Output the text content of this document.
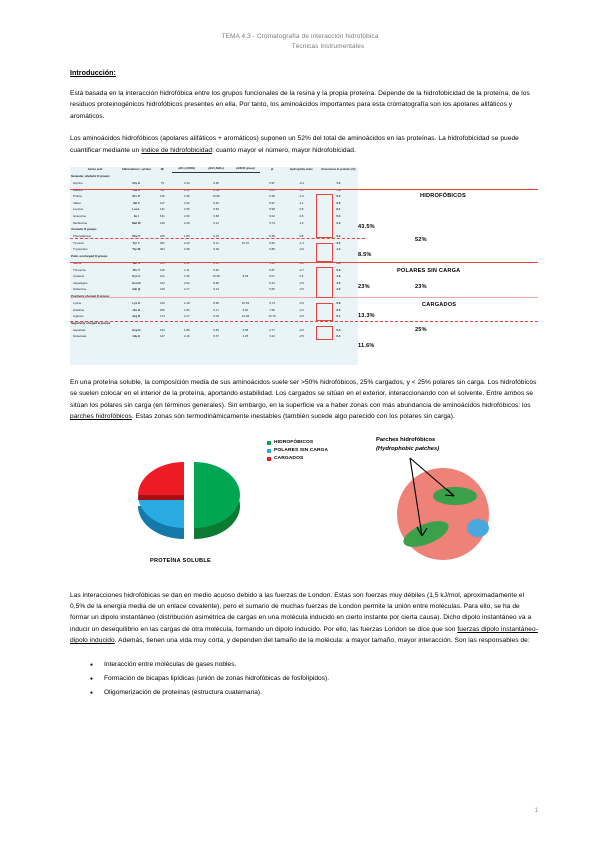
TEMA 4.3 - Cromatografía de interacción hidrofóbica
Técnicas Instrumentales
Introducción:

Está basada en la interacción hidrofóbica entre los grupos funcionales de la resina y la propia proteína. Depende de la hidrofobicidad de la proteína, de los residuos proteinogénicos hidrofóbicos presentes en ella. Por tanto, los aminoácidos importantes para esta cromatografía son los apolares alifáticos y aromáticos.

Los aminoácidos hidrofóbicos (apolares alifáticos + aromáticos) suponen un 52% del total de aminoácidos en las proteínas. La hidrofobicidad se puede cuantificar mediante un índice de hidrofobicidad: cuanto mayor el número, mayor hidrofobicidad.

Amino acid	Abbreviations; symbol	Mr	pK1 (-COOH)	pK2 (-NH3+)	pKR (R group)	pI	Hydropathy index	Occurrence in proteins (%)
Nonpolar, aliphatic R groups								
Glycine	Gly G	75	2.34	9.60		5.97	-0.4	7.2

Proline	Pro P	115	1.99	10.96		6.48	-1.6	5.2
Valine	Val V	117	2.32	9.62		5.97	4.2	6.6
Leucine	Leu L	131	2.36	9.60		5.98	3.8	9.1
Isoleucine	Ile I	131	2.36	9.68		6.02	4.5	5.3
Methionine	Met M	149	2.28	9.21		5.74	1.9	2.3
Aromatic R groups								
Phenylalanine	Phe F	165	1.83	9.13		5.48	2.8	3.9
Tyrosine	Tyr Y	181	2.20	9.11	10.07	5.66	-1.3	3.2
Tryptophan	Trp W	204	2.38	9.39		5.89	-0.9	1.4
Polar, uncharged R groups								

Threonine	Thr T	119	2.11	9.62		5.87	-0.7	5.9
Cysteine	Cys C	121	1.96	10.28	8.18	5.07	2.5	1.9
Asparagine	Asn N	132	2.02	8.80		5.41	-3.5	4.3
Glutamine	Gln Q	146	2.17	9.13		5.65	-3.5	4.2

Lysine	Lys K	146	2.18	8.95	10.53	9.74	-3.9	5.9
Histidine	His H	155	1.82	9.17	6.00	7.59	-3.2	2.3
Arginine	Arg R	174	2.17	9.04	12.48	10.76	-4.5	5.1
Negatively charged R groups								
Aspartate	Asp D	133	1.88	9.60	3.65	2.77	-3.5	5.3
Glutamate	Glu E	147	2.19	9.67	4.25	3.22	-3.5	6.3
HIDROFÓBICOS
43.5%
52%
8.5%
POLARES SIN CARGA
23%	23%
CARGADOS
13.3%
25%
11.6%

En una proteína soluble, la composición media de sus aminoácidos suele ser >50% hidrofóbicos, 25% cargados, y < 25% polares sin carga. Los hidrofóbicos se suelen colocar en el interior de la proteína, aportando estabilidad. Los cargados se sitúan en el exterior, interaccionando con el solvente. Entre ambos se sitúan los polares sin carga (en términos generales). Sin embargo, en la superficie va a haber zonas con más abundancia de aminoácidos hidrofóbicos: los parches hidrofóbicos. Estas zonas son termodinámicamente inestables (también sucede algo parecido con los polares sin carga).

PROTEÍNA SOLUBLE
HIDROFÓBICOS
POLARES SIN CARGA
CARGADOS
Parches hidrofóbicos
(Hydrophobic patches)

Las interacciones hidrofóbicas se dan en medio acuoso debido a las fuerzas de London. Estas son fuerzas muy débiles (1,5 kJ/mol, aproximadamente el 0,5% de la energía media de un enlace covalente), pero el sumario de muchas fuerzas de London permite la unión entre moléculas. Para ello, se ha de formar un dipolo instantáneo (distribución asimétrica de cargas en una molécula inducido en cierto instante por cierta causa). Dicho dipolo instantáneo va a inducir un desequilibrio en las cargas de otra molécula, formando un dipolo inducido. Por ello, las fuerzas London se dice que son fuerzas dipolo instantáneo-dipolo inducido. Además, tienen una vida muy corta, y dependen del tamaño de la molécula: a mayor tamaño, mayor interacción. Son las responsables de:

● Interacción entre moléculas de gases nobles.
● Formación de bicapas lipídicas (unión de zonas hidrofóbicas de fosfolípidos).
● Oligomerización de proteínas (estructura cuaternaria).
1
